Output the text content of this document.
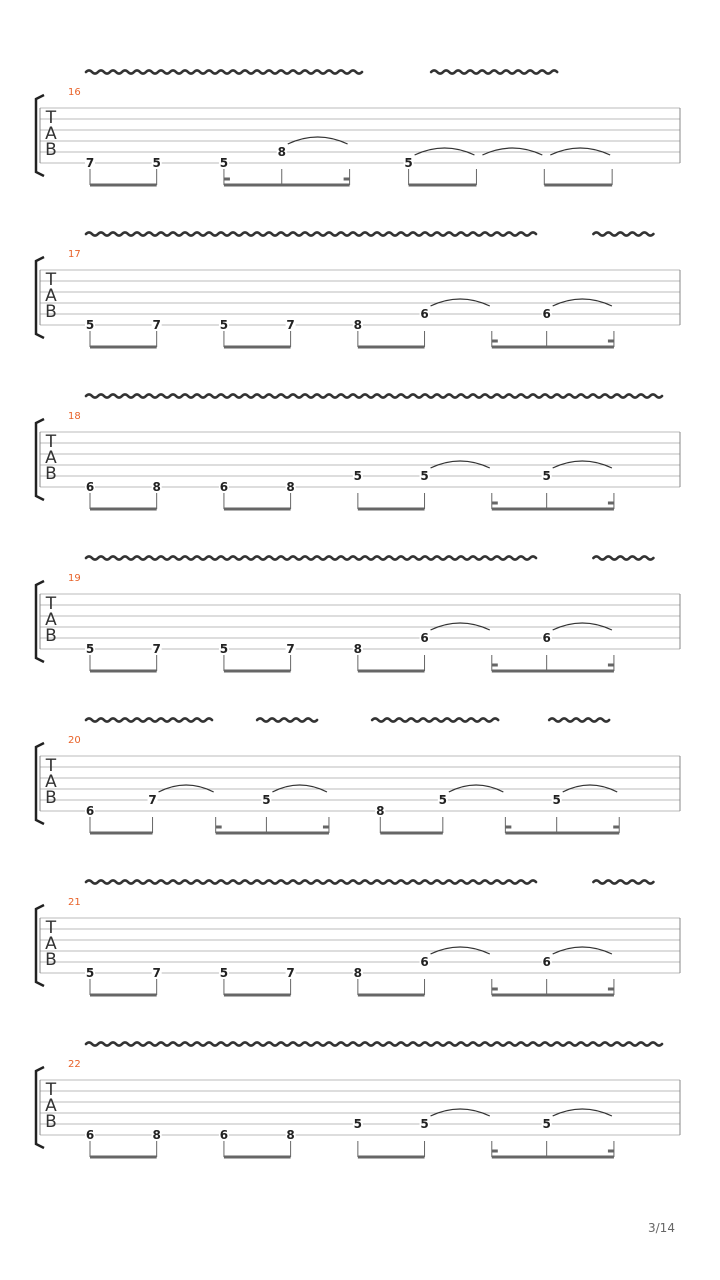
T
A
B
16
7	5	5
8
5
T
A
B
17
5	7	5	7	8
6	6
T
A
B
18
6	8	6	8
5	5	5
T
A
B
19
5	7	5	7	8
6	6
T
A
B
20
6
7	5
8
5	5
T
A
B
21
5	7	5	7	8
6	6
T
A
B
22
6	8	6	8
5	5	5
3/14
